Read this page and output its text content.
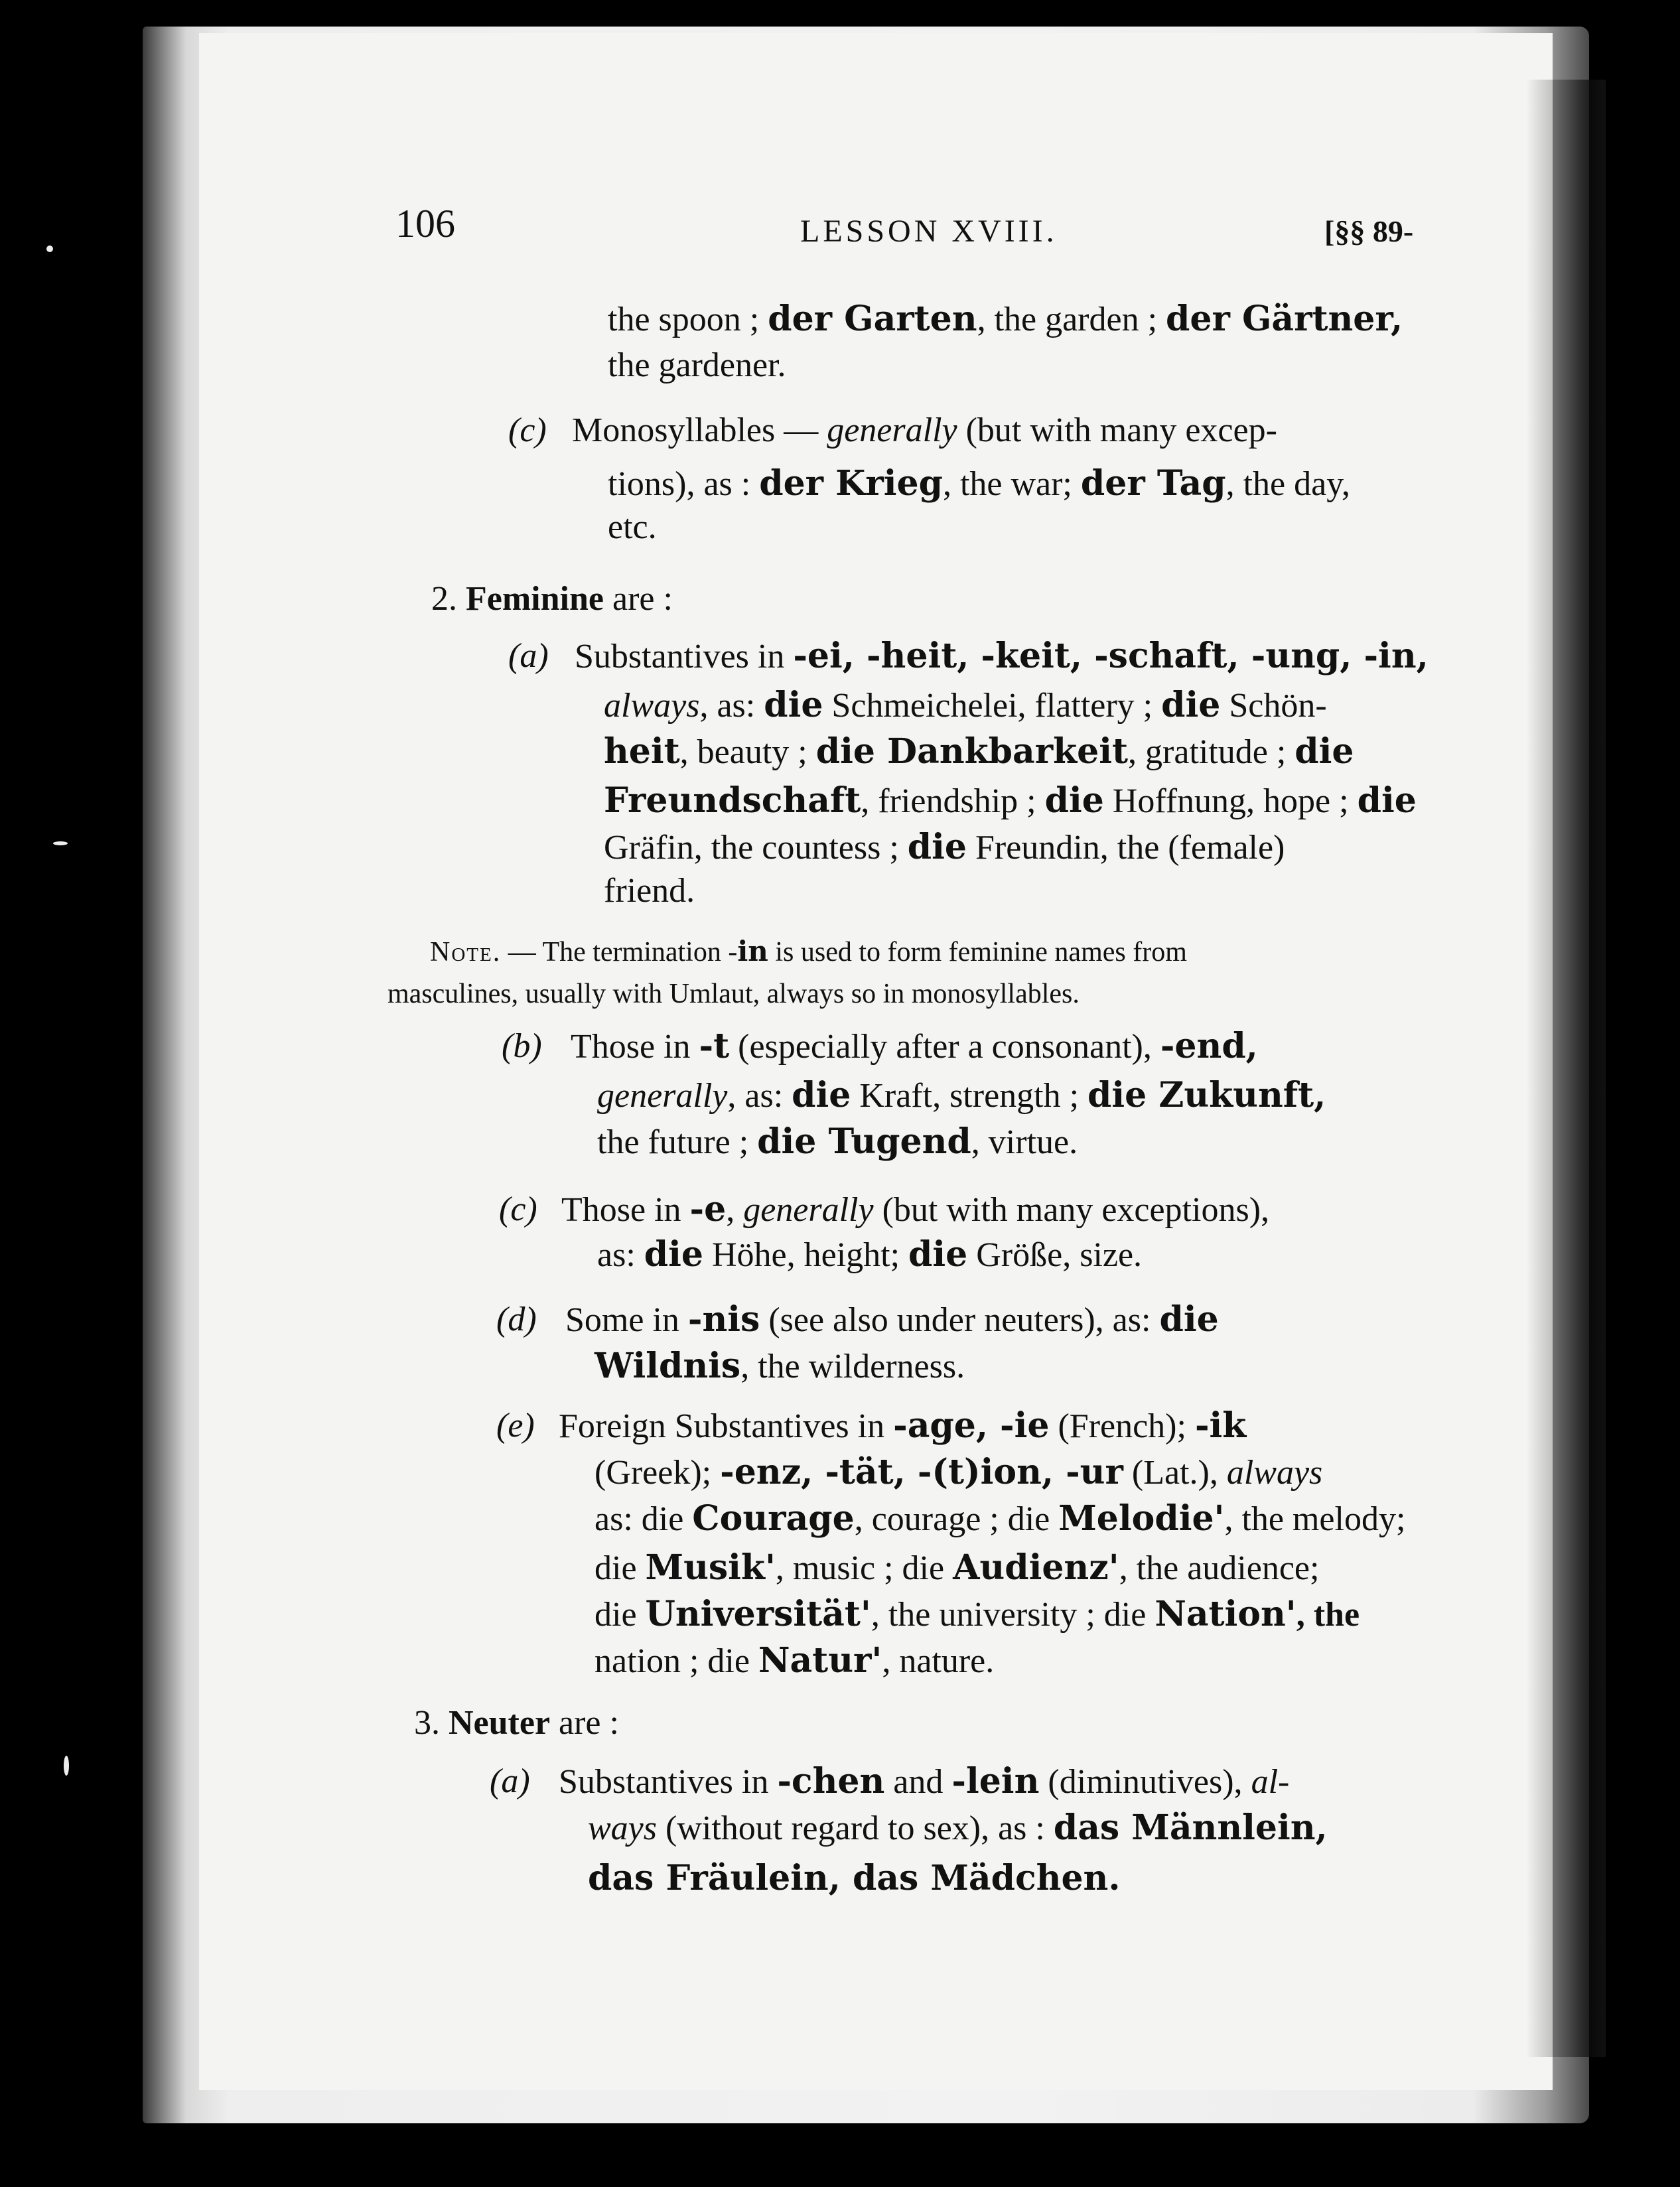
106	LESSON XVIII.	[§§ 89-
the spoon ; der Garten, the garden ; der Gärtner,
the gardener.
(c) Monosyllables — generally (but with many excep-
tions), as : der Krieg, the war; der Tag, the day,
etc.
2. Feminine are :
(a) Substantives in -ei, -heit, -keit, -schaft, -ung, -in,
always, as: die Schmeichelei, flattery ; die Schön-
heit, beauty ; die Dankbarkeit, gratitude ; die
Freundschaft, friendship ; die Hoffnung, hope ; die
Gräfin, the countess ; die Freundin, the (female)
friend.
Note. — The termination -in is used to form feminine names from
masculines, usually with Umlaut, always so in monosyllables.
(b) Those in -t (especially after a consonant), -end,
generally, as: die Kraft, strength ; die Zukunft,
the future ; die Tugend, virtue.
(c) Those in -e, generally (but with many exceptions),
as: die Höhe, height; die Größe, size.
(d) Some in -nis (see also under neuters), as: die
Wildnis, the wilderness.
(e) Foreign Substantives in -age, -ie (French); -ik
(Greek); -enz, -tät, -(t)ion, -ur (Lat.), always
as: die Courage, courage ; die Melodie', the melody;
die Musik', music ; die Audienz', the audience;
die Universität', the university ; die Nation', the
nation ; die Natur', nature.
3. Neuter are :
(a) Substantives in -chen and -lein (diminutives), al-
ways (without regard to sex), as : das Männlein,
das Fräulein, das Mädchen.
